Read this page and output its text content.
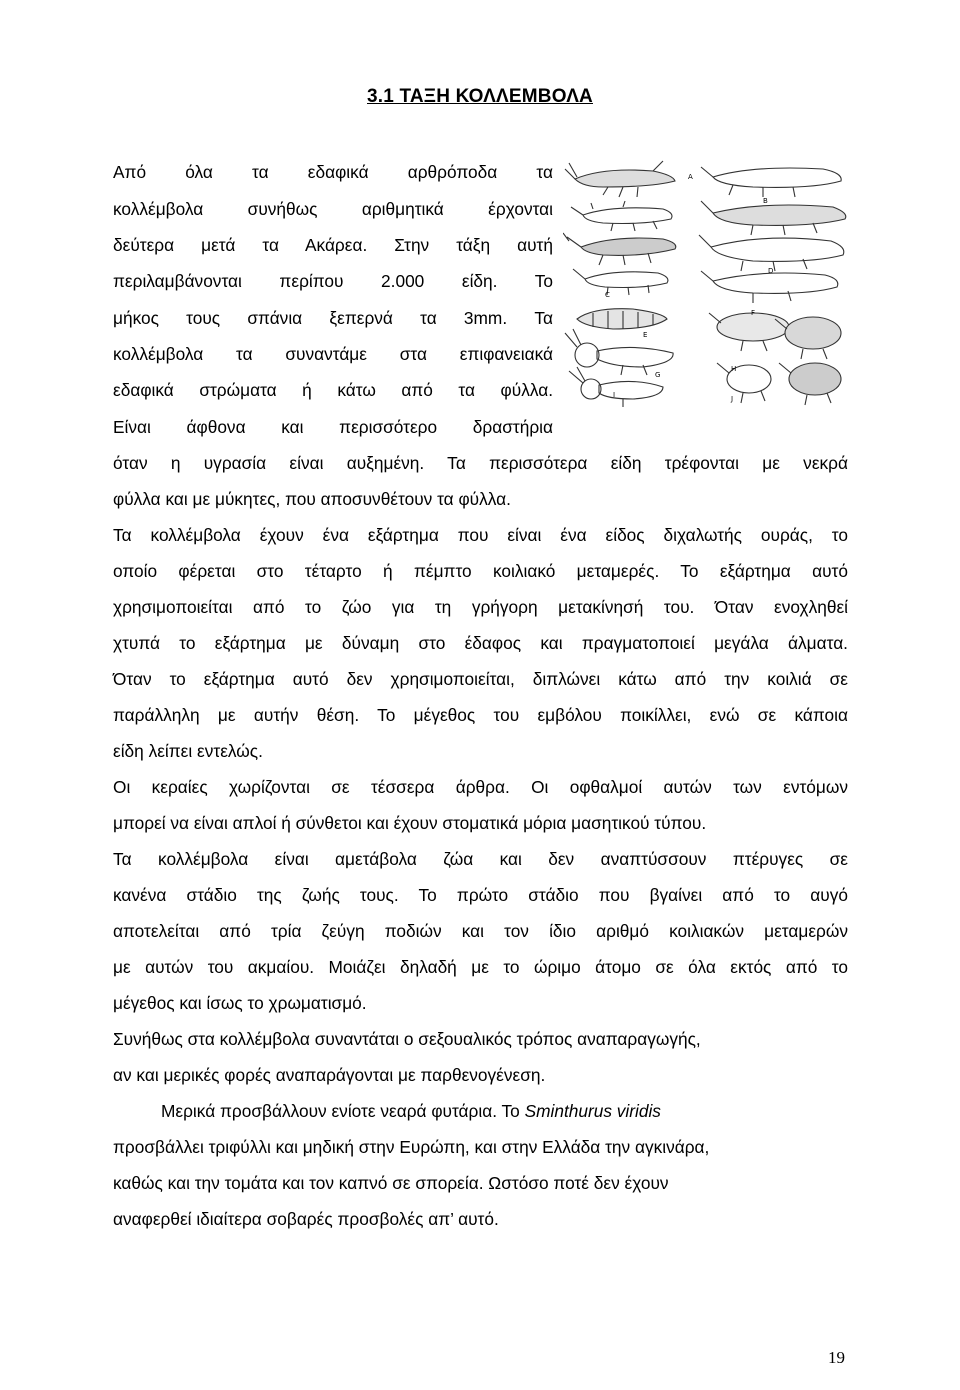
3.1 ΤΑΞΗ ΚΟΛΛΕΜΒΟΛΑ
Από όλα τα εδαφικά αρθρόποδα τα
κολλέμβολα συνήθως αριθμητικά έρχονται
δεύτερα μετά τα Ακάρεα. Στην τάξη αυτή
περιλαμβάνονται περίπου 2.000 είδη. Το
μήκος τους σπάνια ξεπερνά τα 3mm. Τα
κολλέμβολα τα συναντάμε στα επιφανειακά
εδαφικά στρώματα ή κάτω από τα φύλλα.
Είναι άφθονα και περισσότερο δραστήρια
A
B
C
D
E
F
G
H
I	J
όταν η υγρασία είναι αυξημένη. Τα περισσότερα είδη τρέφονται με νεκρά
φύλλα και με μύκητες, που αποσυνθέτουν τα φύλλα.
Τα κολλέμβολα έχουν ένα εξάρτημα που είναι ένα είδος διχαλωτής ουράς, το
οποίο φέρεται στο τέταρτο ή πέμπτο κοιλιακό μεταμερές. Το εξάρτημα αυτό
χρησιμοποιείται από το ζώο για τη γρήγορη μετακίνησή του. Όταν ενοχληθεί
χτυπά το εξάρτημα με δύναμη στο έδαφος και πραγματοποιεί μεγάλα άλματα.
Όταν το εξάρτημα αυτό δεν χρησιμοποιείται, διπλώνει κάτω από την κοιλιά σε
παράλληλη με αυτήν θέση. Το μέγεθος του εμβόλου ποικίλλει, ενώ σε κάποια
είδη λείπει εντελώς.
Οι κεραίες χωρίζονται σε τέσσερα άρθρα. Οι οφθαλμοί αυτών των εντόμων
μπορεί να είναι απλοί ή σύνθετοι και έχουν στοματικά μόρια μασητικού τύπου.
Τα κολλέμβολα είναι αμετάβολα ζώα και δεν αναπτύσσουν πτέρυγες σε
κανένα στάδιο της ζωής τους. Το πρώτο στάδιο που βγαίνει από το αυγό
αποτελείται από τρία ζεύγη ποδιών και τον ίδιο αριθμό κοιλιακών μεταμερών
με αυτών του ακμαίου. Μοιάζει δηλαδή με το ώριμο άτομο σε όλα εκτός από το
μέγεθος και ίσως το χρωματισμό.
Συνήθως στα κολλέμβολα συναντάται ο σεξουαλικός τρόπος αναπαραγωγής,
αν και μερικές φορές αναπαράγονται με παρθενογένεση.
Μερικά προσβάλλουν ενίοτε νεαρά φυτάρια. Το Sminthurus viridis
προσβάλλει τριφύλλι και μηδική στην Ευρώπη, και στην Ελλάδα την αγκινάρα,
καθώς και την τομάτα και τον καπνό σε σπορεία. Ωστόσο ποτέ δεν έχουν
αναφερθεί ιδιαίτερα σοβαρές προσβολές απ’ αυτό.
19
